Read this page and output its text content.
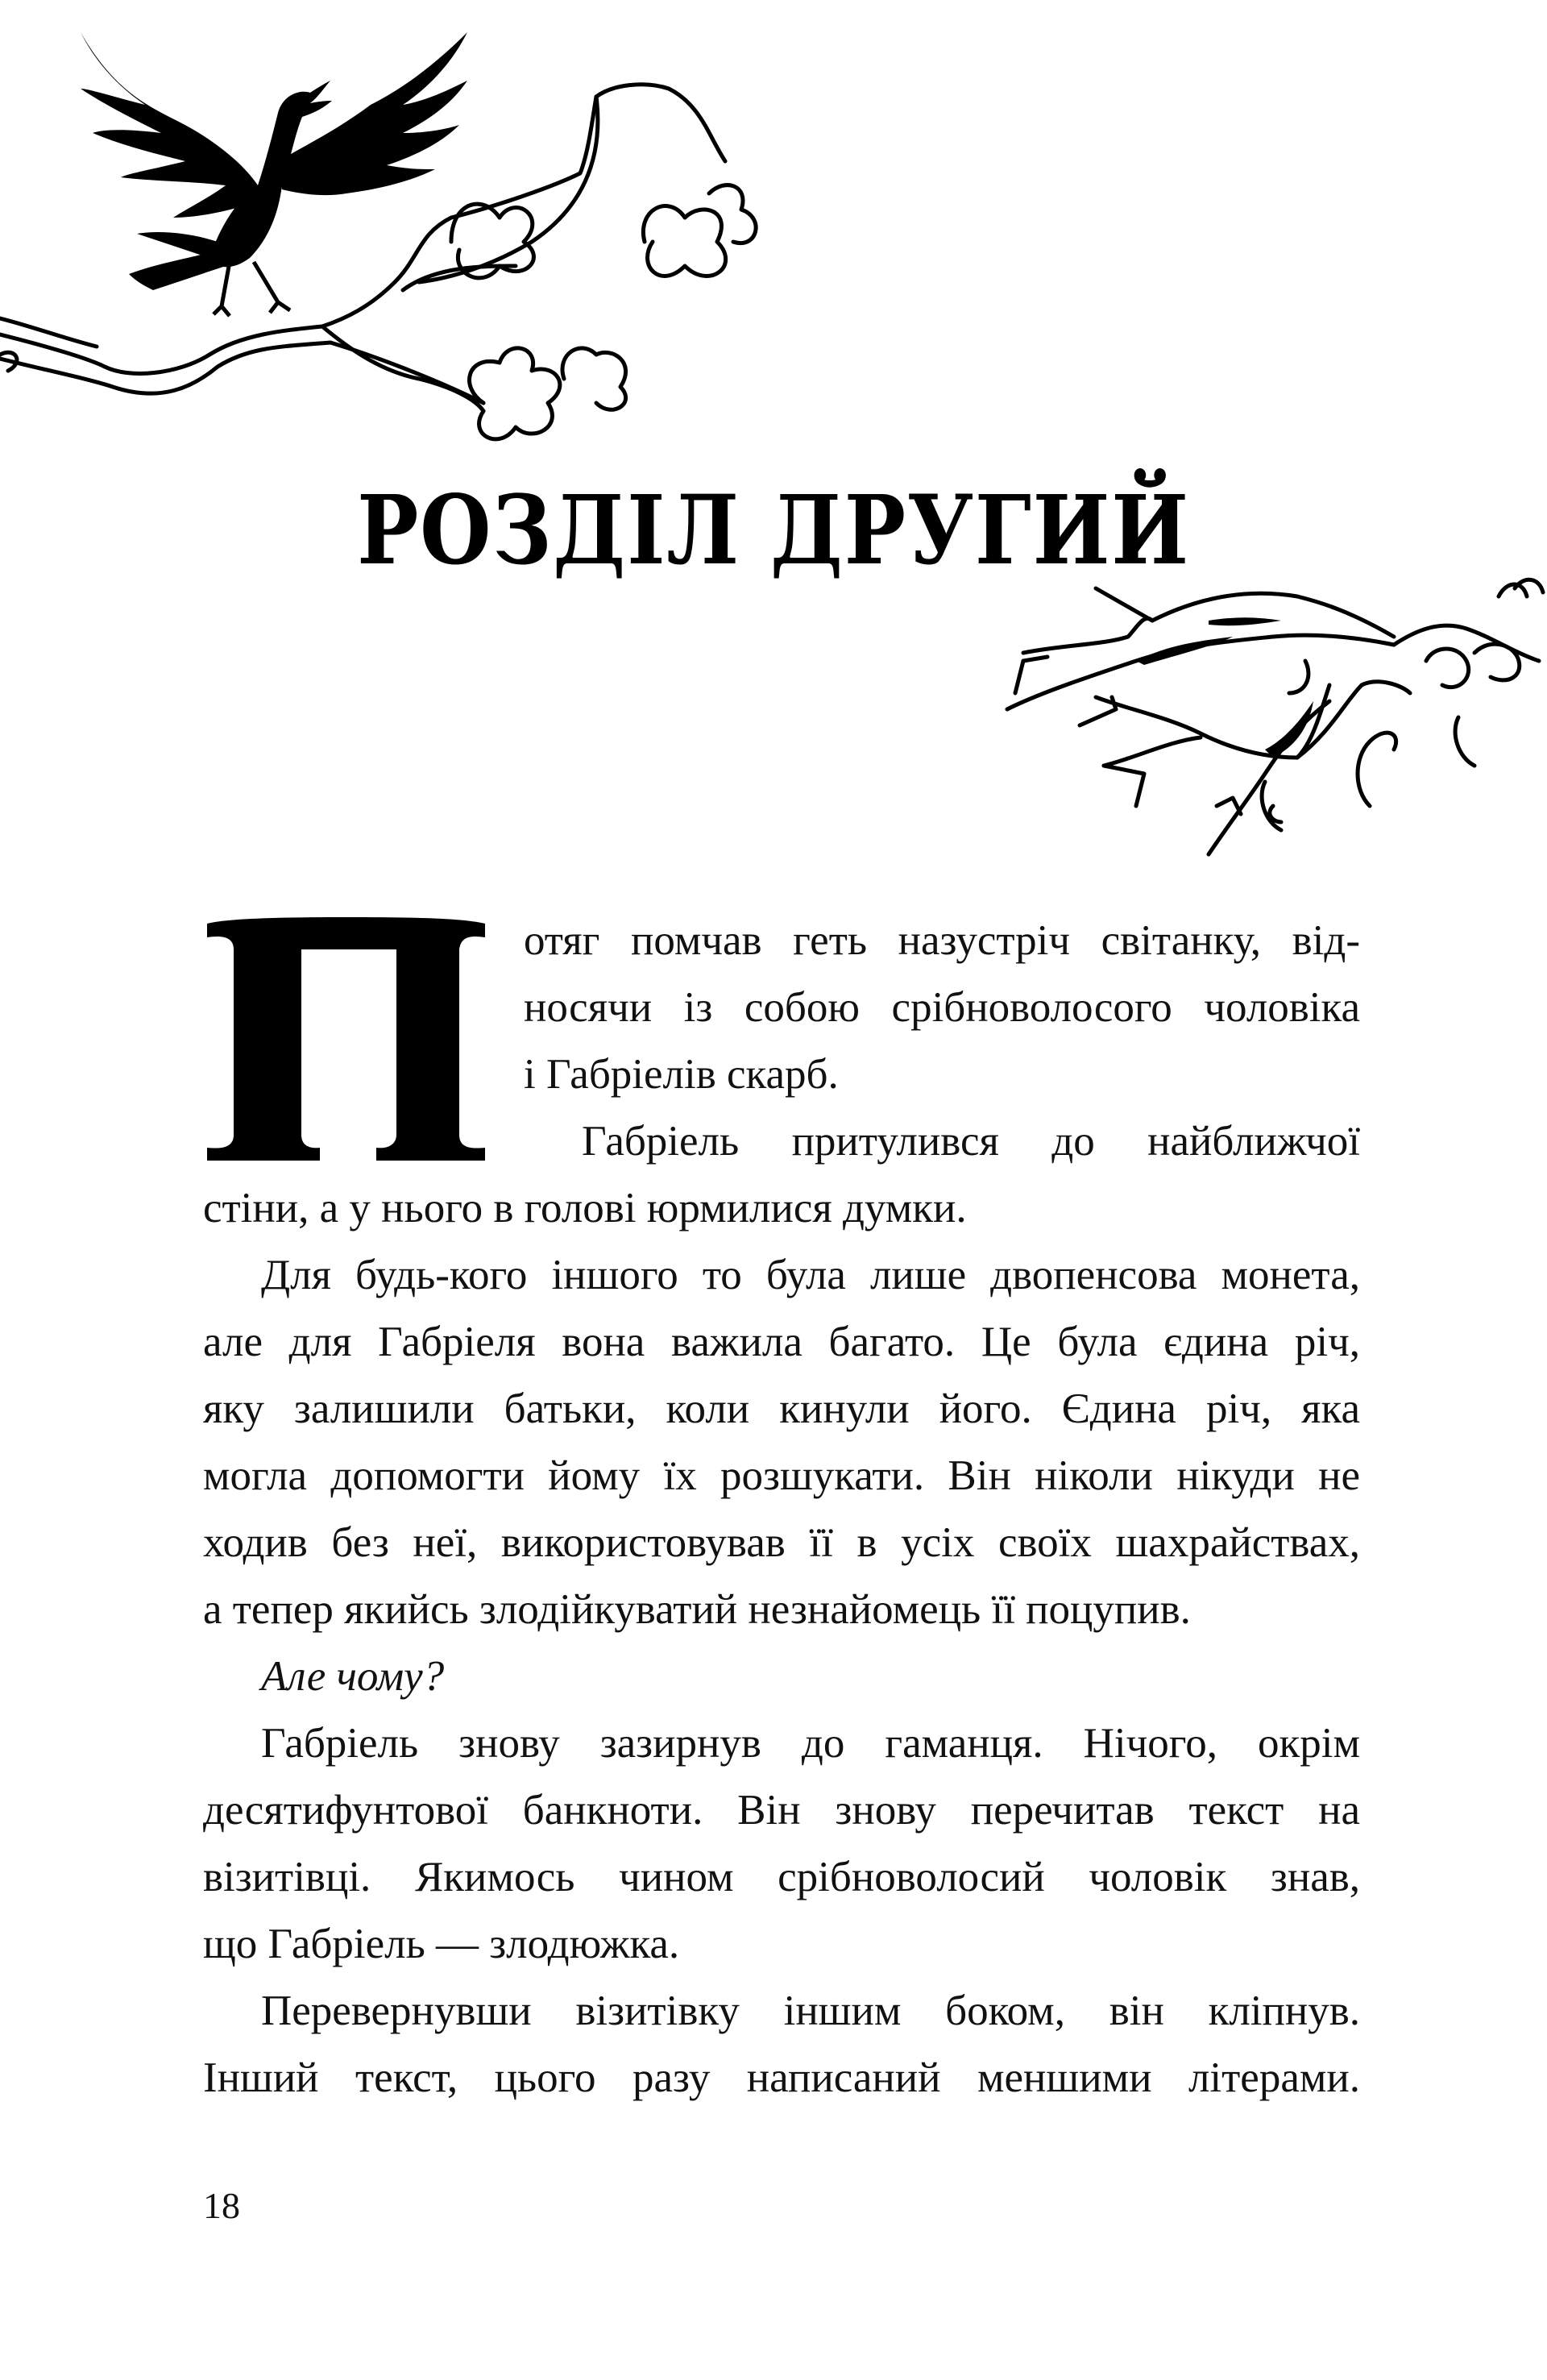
РОЗДІЛ ДРУГИЙ
отяг помчав геть назустріч світанку, від-
носячи із собою срібноволосого чоловіка
і Габріелів скарб.
Габріель притулився до найближчої
стіни, а у нього в голові юрмилися думки.
Для будь-кого іншого то була лише двопенсова монета,
але для Габріеля вона важила багато. Це була єдина річ,
яку залишили батьки, коли кинули його. Єдина річ, яка
могла допомогти йому їх розшукати. Він ніколи нікуди не
ходив без неї, використовував її в усіх своїх шахрайствах,
а тепер якийсь злодійкуватий незнайомець її поцупив.
Але чому?
Габріель знову зазирнув до гаманця. Нічого, окрім
десятифунтової банкноти. Він знову перечитав текст на
візитівці. Якимось чином срібноволосий чоловік знав,
що Габріель — злодюжка.
Перевернувши візитівку іншим боком, він кліпнув.
Інший текст, цього разу написаний меншими літерами.
18
